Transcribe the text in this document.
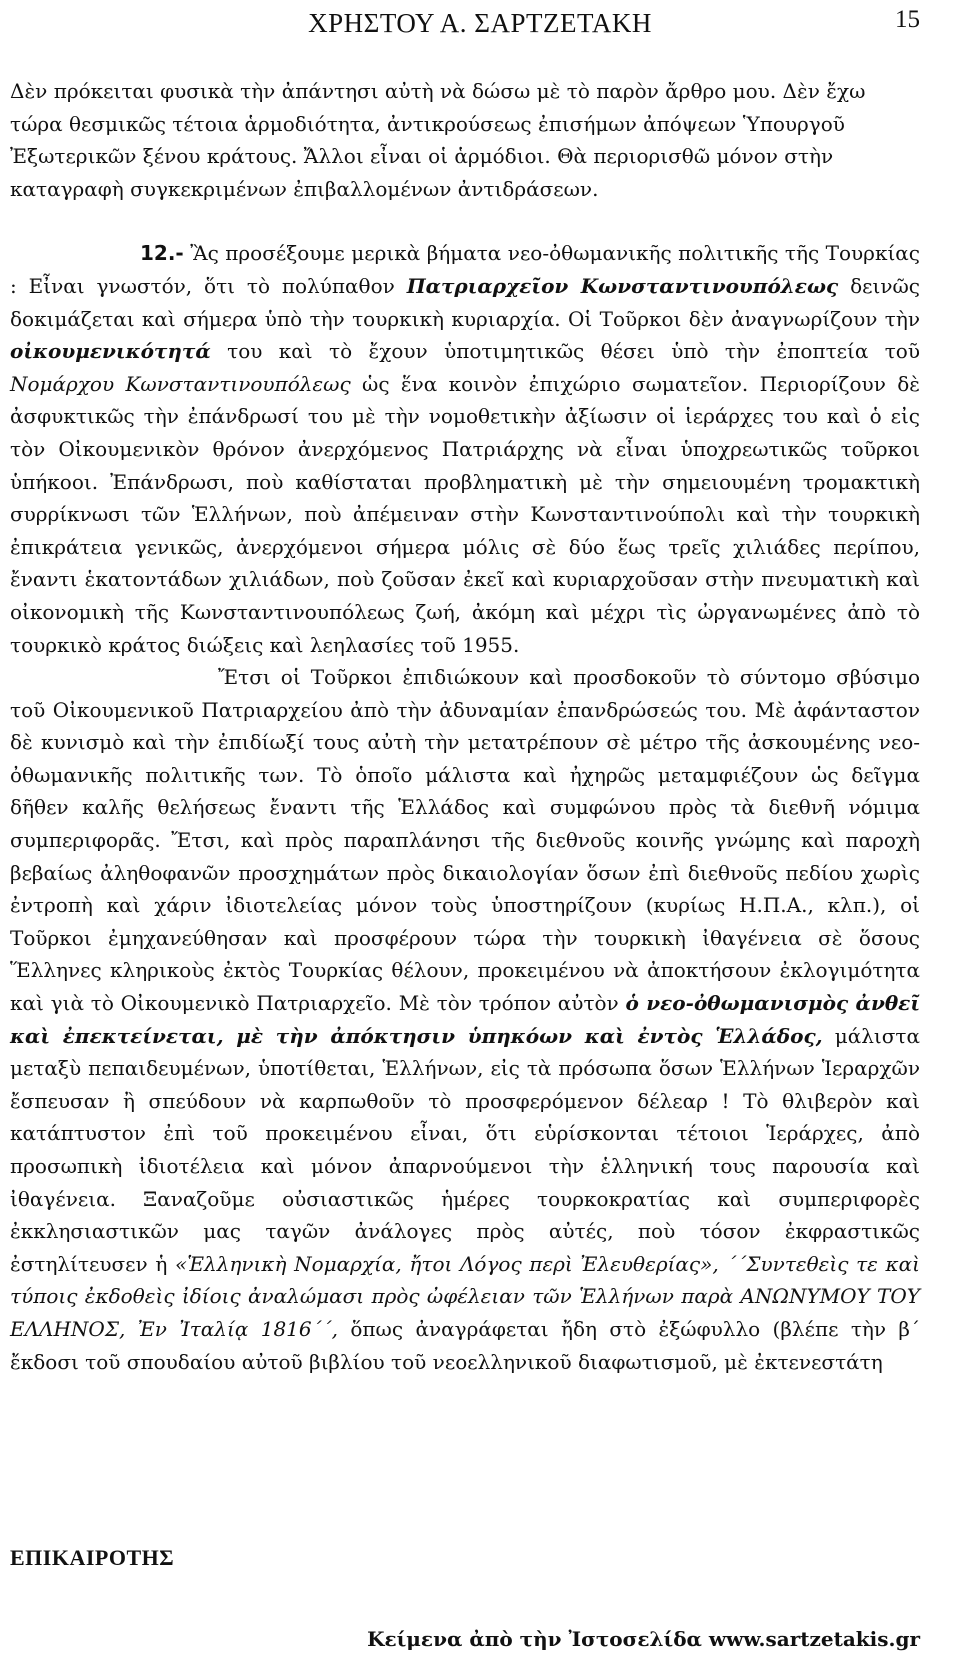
ΧΡΗΣΤΟΥ Α. ΣΑΡΤΖΕΤΑΚΗ	15

Δὲν πρόκειται φυσικὰ τὴν ἀπάντησι αὐτὴ νὰ δώσω μὲ τὸ παρὸν ἄρθρο μου. Δὲν ἔχω τώρα θεσμικῶς τέτοια ἁρμοδιότητα, ἀντικρούσεως ἐπισήμων ἀπόψεων Ὑπουργοῦ Ἐξωτερικῶν ξένου κράτους. Ἄλλοι εἶναι οἱ ἁρμόδιοι. Θὰ περιορισθῶ μόνον στὴν καταγραφὴ συγκεκριμένων ἐπιβαλλομένων ἀντιδράσεων.

12.- Ἂς προσέξουμε μερικὰ βήματα νεο-ὀθωμανικῆς πολιτικῆς τῆς Τουρκίας : Εἶναι γνωστόν, ὅτι τὸ πολύπαθον Πατριαρχεῖον Κωνσταντινουπόλεως δεινῶς δοκιμάζεται καὶ σήμερα ὑπὸ τὴν τουρκικὴ κυριαρχία. Οἱ Τοῦρκοι δὲν ἀναγνωρίζουν τὴν οἰκουμενικότητά του καὶ τὸ ἔχουν ὑποτιμητικῶς θέσει ὑπὸ τὴν ἐποπτεία τοῦ Νομάρχου Κωνσταντινουπόλεως ὡς ἕνα κοινὸν ἐπιχώριο σωματεῖον. Περιορίζουν δὲ ἀσφυκτικῶς τὴν ἐπάνδρωσί του μὲ τὴν νομοθετικὴν ἀξίωσιν οἱ ἱεράρχες του καὶ ὁ εἰς τὸν Οἰκουμενικὸν θρόνον ἀνερχόμενος Πατριάρχης νὰ εἶναι ὑποχρεωτικῶς τοῦρκοι ὑπήκοοι. Ἐπάνδρωσι, ποὺ καθίσταται προβληματικὴ μὲ τὴν σημειουμένη τρομακτικὴ συρρίκνωσι τῶν Ἑλλήνων, ποὺ ἀπέμειναν στὴν Κωνσταντινούπολι καὶ τὴν τουρκικὴ ἐπικράτεια γενικῶς, ἀνερχόμενοι σήμερα μόλις σὲ δύο ἕως τρεῖς χιλιάδες περίπου, ἔναντι ἑκατοντάδων χιλιάδων, ποὺ ζοῦσαν ἐκεῖ καὶ κυριαρχοῦσαν στὴν πνευματικὴ καὶ οἰκονομικὴ τῆς Κωνσταντινουπόλεως ζωή, ἀκόμη καὶ μέχρι τὶς ὠργανωμένες ἀπὸ τὸ τουρκικὸ κράτος διώξεις καὶ λεηλασίες τοῦ 1955.

Ἔτσι οἱ Τοῦρκοι ἐπιδιώκουν καὶ προσδοκοῦν τὸ σύντομο σβύσιμο τοῦ Οἰκουμενικοῦ Πατριαρχείου ἀπὸ τὴν ἀδυναμίαν ἐπανδρώσεώς του. Μὲ ἀφάνταστον δὲ κυνισμὸ καὶ τὴν ἐπιδίωξί τους αὐτὴ τὴν μετατρέπουν σὲ μέτρο τῆς ἀσκουμένης νεο-ὀθωμανικῆς πολιτικῆς των. Τὸ ὁποῖο μάλιστα καὶ ἠχηρῶς μεταμφιέζουν ὡς δεῖγμα δῆθεν καλῆς θελήσεως ἔναντι τῆς Ἑλλάδος καὶ συμφώνου πρὸς τὰ διεθνῆ νόμιμα συμπεριφορᾶς. Ἔτσι, καὶ πρὸς παραπλάνησι τῆς διεθνοῦς κοινῆς γνώμης καὶ παροχὴ βεβαίως ἀληθοφανῶν προσχημάτων πρὸς δικαιολογίαν ὅσων ἐπὶ διεθνοῦς πεδίου χωρὶς ἐντροπὴ καὶ χάριν ἰδιοτελείας μόνον τοὺς ὑποστηρίζουν (κυρίως Η.Π.Α., κλπ.), οἱ Τοῦρκοι ἐμηχανεύθησαν καὶ προσφέρουν τώρα τὴν τουρκικὴ ἰθαγένεια σὲ ὅσους Ἕλληνες κληρικοὺς ἐκτὸς Τουρκίας θέλουν, προκειμένου νὰ ἀποκτήσουν ἐκλογιμότητα καὶ γιὰ τὸ Οἰκουμενικὸ Πατριαρχεῖο. Μὲ τὸν τρόπον αὐτὸν ὁ νεο-ὀθωμανισμὸς ἀνθεῖ καὶ ἐπεκτείνεται, μὲ τὴν ἀπόκτησιν ὑπηκόων καὶ ἐντὸς Ἑλλάδος, μάλιστα μεταξὺ πεπαιδευμένων, ὑποτίθεται, Ἑλλήνων, εἰς τὰ πρόσωπα ὅσων Ἑλλήνων Ἱεραρχῶν ἔσπευσαν ἢ σπεύδουν νὰ καρπωθοῦν τὸ προσφερόμενον δέλεαρ ! Τὸ θλιβερὸν καὶ κατάπτυστον ἐπὶ τοῦ προκειμένου εἶναι, ὅτι εὑρίσκονται τέτοιοι Ἱεράρχες, ἀπὸ προσωπικὴ ἰδιοτέλεια καὶ μόνον ἀπαρνούμενοι τὴν ἑλληνική τους παρουσία καὶ ἰθαγένεια. Ξαναζοῦμε οὐσιαστικῶς ἡμέρες τουρκοκρατίας καὶ συμπεριφορὲς ἐκκλησιαστικῶν μας ταγῶν ἀνάλογες πρὸς αὐτές, ποὺ τόσον ἐκφραστικῶς ἐστηλίτευσεν ἡ «Ἑλληνικὴ Νομαρχία, ἤτοι Λόγος περὶ Ἐλευθερίας», ΄΄Συντεθεὶς τε καὶ τύποις ἐκδοθεὶς ἰδίοις ἀναλώμασι πρὸς ὠφέλειαν τῶν Ἑλλήνων παρὰ ΑΝΩΝΥΜΟΥ ΤΟΥ ΕΛΛΗΝΟΣ, Ἐν Ἰταλίᾳ 1816΄΄, ὅπως ἀναγράφεται ἤδη στὸ ἐξώφυλλο (βλέπε τὴν β΄ ἔκδοσι τοῦ σπουδαίου αὐτοῦ βιβλίου τοῦ νεοελληνικοῦ διαφωτισμοῦ, μὲ ἐκτενεστάτη

ΕΠΙΚΑΙΡΟΤΗΣ
Κείμενα ἀπὸ τὴν Ἰστοσελίδα www.sartzetakis.gr
